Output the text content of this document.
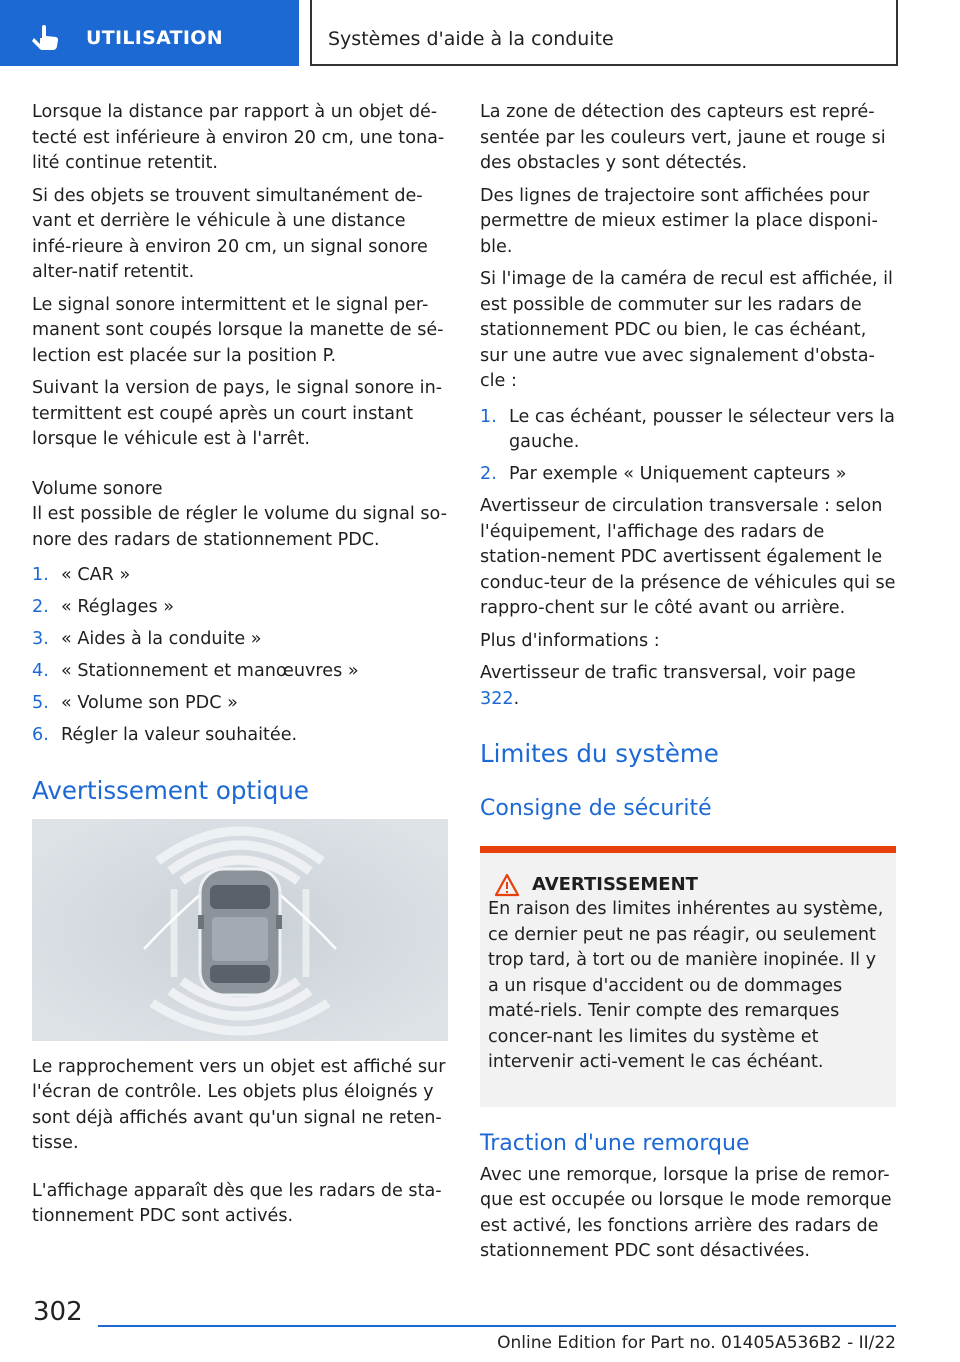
UTILISATION	Systèmes d'aide à la conduite

Lorsque la distance par rapport à un objet dé-tecté est inférieure à environ 20 cm, une tona-lité continue retentit.

Si des objets se trouvent simultanément de-vant et derrière le véhicule à une distance infé-rieure à environ 20 cm, un signal sonore alter-natif retentit.

Le signal sonore intermittent et le signal per-manent sont coupés lorsque la manette de sé-lection est placée sur la position P.

Suivant la version de pays, le signal sonore in-termittent est coupé après un court instant lorsque le véhicule est à l'arrêt.

Volume sonore

Il est possible de régler le volume du signal so-nore des radars de stationnement PDC.

1. « CAR »
2. « Réglages »
3. « Aides à la conduite »
4. « Stationnement et manœuvres »
5. « Volume son PDC »
6. Régler la valeur souhaitée.
Avertissement optique

Le rapprochement vers un objet est affiché sur l'écran de contrôle. Les objets plus éloignés y sont déjà affichés avant qu'un signal ne reten-tisse.

L'affichage apparaît dès que les radars de sta-tionnement PDC sont activés.

La zone de détection des capteurs est repré-sentée par les couleurs vert, jaune et rouge si des obstacles y sont détectés.

Des lignes de trajectoire sont affichées pour permettre de mieux estimer la place disponi-ble.

Si l'image de la caméra de recul est affichée, il est possible de commuter sur les radars de stationnement PDC ou bien, le cas échéant, sur une autre vue avec signalement d'obsta-cle :

1. Le cas échéant, pousser le sélecteur vers la gauche.
2. Par exemple « Uniquement capteurs »

Avertisseur de circulation transversale : selon l'équipement, l'affichage des radars de station-nement PDC avertissent également le conduc-teur de la présence de véhicules qui se rappro-chent sur le côté avant ou arrière.

Plus d'informations :

Avertisseur de trafic transversal, voir page 322.

Limites du système
Consigne de sécurité
AVERTISSEMENT

En raison des limites inhérentes au système, ce dernier peut ne pas réagir, ou seulement trop tard, à tort ou de manière inopinée. Il y a un risque d'accident ou de dommages maté-riels. Tenir compte des remarques concer-nant les limites du système et intervenir acti-vement le cas échéant.

Traction d'une remorque

Avec une remorque, lorsque la prise de remor-que est occupée ou lorsque le mode remorque est activé, les fonctions arrière des radars de stationnement PDC sont désactivées.

302
Online Edition for Part no. 01405A536B2 - II/22
